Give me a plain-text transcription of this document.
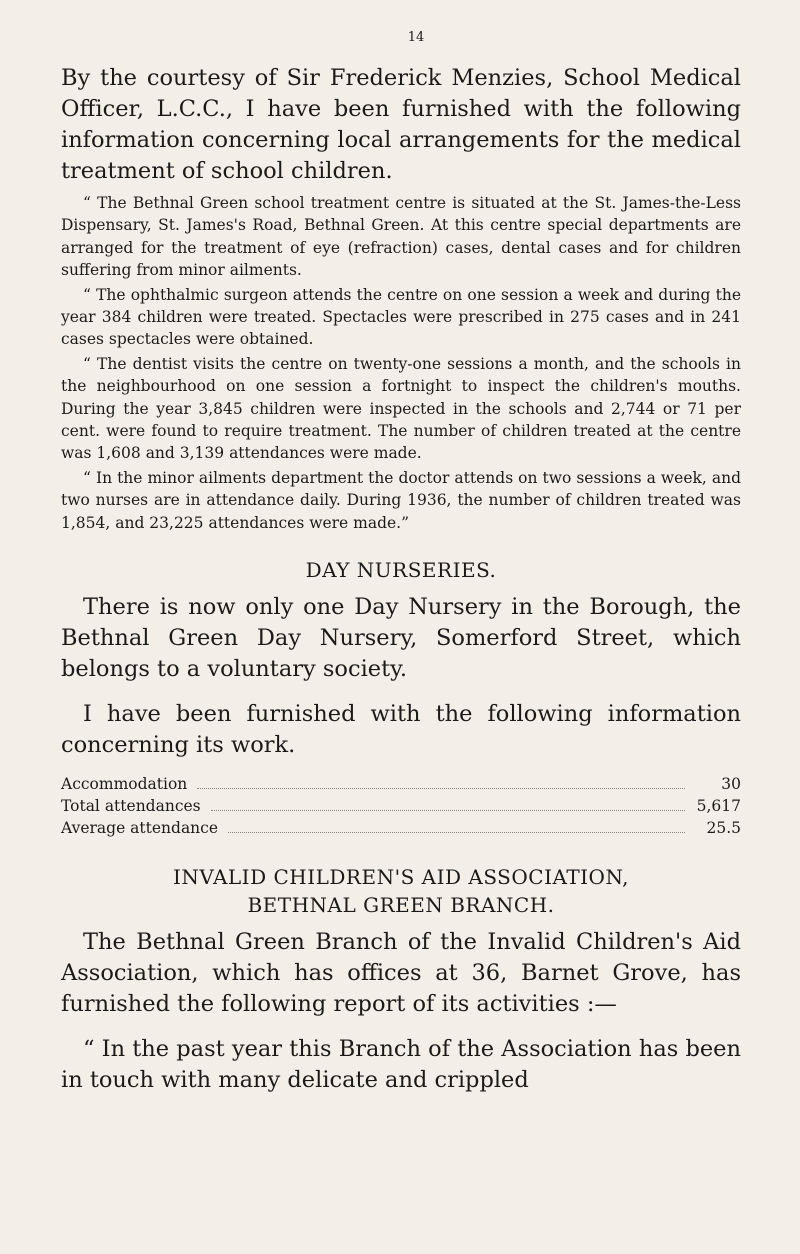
14

By the courtesy of Sir Frederick Menzies, School Medical Officer, L.C.C., I have been furnished with the following information concerning local arrangements for the medical treatment of school children.

“ The Bethnal Green school treatment centre is situated at the St. James-the-Less Dispensary, St. James's Road, Bethnal Green. At this centre special departments are arranged for the treatment of eye (refraction) cases, dental cases and for children suffering from minor ailments.

“ The ophthalmic surgeon attends the centre on one session a week and during the year 384 children were treated. Spectacles were prescribed in 275 cases and in 241 cases spectacles were obtained.

“ The dentist visits the centre on twenty-one sessions a month, and the schools in the neighbourhood on one session a fortnight to inspect the children's mouths. During the year 3,845 children were inspected in the schools and 2,744 or 71 per cent. were found to require treatment. The number of children treated at the centre was 1,608 and 3,139 attendances were made.

“ In the minor ailments department the doctor attends on two sessions a week, and two nurses are in attendance daily. During 1936, the number of children treated was 1,854, and 23,225 attendances were made.”

DAY NURSERIES.

There is now only one Day Nursery in the Borough, the Bethnal Green Day Nursery, Somerford Street, which belongs to a voluntary society.

I have been furnished with the following information concerning its work.

Accommodation	30
Total attendances	5,617
Average attendance	25.5
INVALID CHILDREN'S AID ASSOCIATION,
BETHNAL GREEN BRANCH.

The Bethnal Green Branch of the Invalid Children's Aid Association, which has offices at 36, Barnet Grove, has furnished the following report of its activities :—

“ In the past year this Branch of the Association has been in touch with many delicate and crippled
